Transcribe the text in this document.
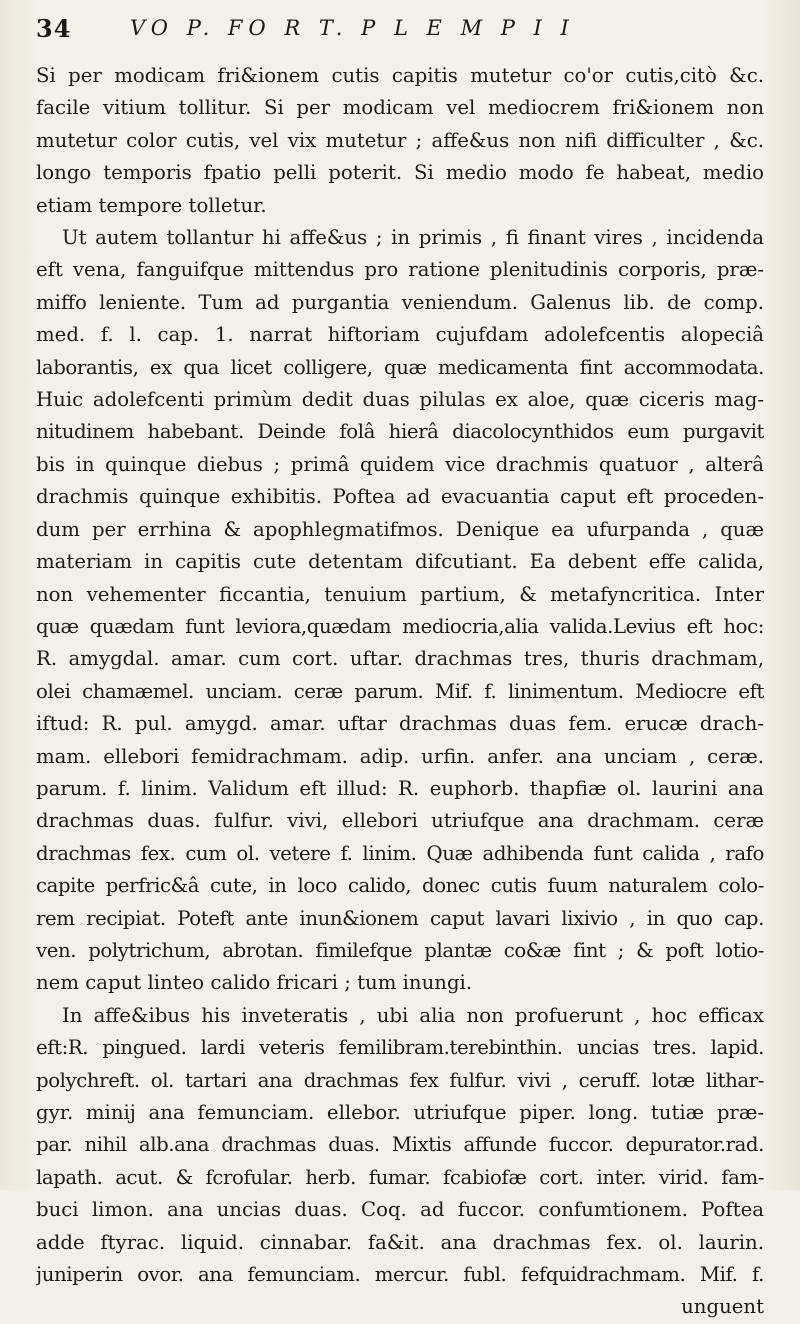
34	VO P. FO R T. P L E M P I I
Si per modicam fri&ionem cutis capitis mutetur co'or cutis,citò &c.
facile vitium tollitur. Si per modicam vel mediocrem fri&ionem non
mutetur color cutis, vel vix mutetur ; affe&us non nifi difficulter , &c.
longo temporis fpatio pelli poterit. Si medio modo fe habeat, medio
etiam tempore tolletur.
Ut autem tollantur hi affe&us ; in primis , fi finant vires , incidenda
eft vena, fanguifque mittendus pro ratione plenitudinis corporis, præ-
miffo leniente. Tum ad purgantia veniendum. Galenus lib. de comp.
med. f. l. cap. 1. narrat hiftoriam cujufdam adolefcentis alopeciâ
laborantis, ex qua licet colligere, quæ medicamenta fint accommodata.
Huic adolefcenti primùm dedit duas pilulas ex aloe, quæ ciceris mag-
nitudinem habebant. Deinde folâ hierâ diacolocynthidos eum purgavit
bis in quinque diebus ; primâ quidem vice drachmis quatuor , alterâ
drachmis quinque exhibitis. Poftea ad evacuantia caput eft proceden-
dum per errhina & apophlegmatifmos. Denique ea ufurpanda , quæ
materiam in capitis cute detentam difcutiant. Ea debent effe calida,
non vehementer ficcantia, tenuium partium, & metafyncritica. Inter
quæ quædam funt leviora,quædam mediocria,alia valida.Levius eft hoc:
R. amygdal. amar. cum cort. uftar. drachmas tres, thuris drachmam,
olei chamæmel. unciam. ceræ parum. Mif. f. linimentum. Mediocre eft
iftud: R. pul. amygd. amar. uftar drachmas duas fem. erucæ drach-
mam. ellebori femidrachmam. adip. urfin. anfer. ana unciam , ceræ.
parum. f. linim. Validum eft illud: R. euphorb. thapfiæ ol. laurini ana
drachmas duas. fulfur. vivi, ellebori utriufque ana drachmam. ceræ
drachmas fex. cum ol. vetere f. linim. Quæ adhibenda funt calida , rafo
capite perfric&â cute, in loco calido, donec cutis fuum naturalem colo-
rem recipiat. Poteft ante inun&ionem caput lavari lixivio , in quo cap.
ven. polytrichum, abrotan. fimilefque plantæ co&æ fint ; & poft lotio-
nem caput linteo calido fricari ; tum inungi.
In affe&ibus his inveteratis , ubi alia non profuerunt , hoc efficax
eft:R. pingued. lardi veteris femilibram.terebinthin. uncias tres. lapid.
polychreft. ol. tartari ana drachmas fex fulfur. vivi , ceruff. lotæ lithar-
gyr. minij ana femunciam. ellebor. utriufque piper. long. tutiæ præ-
par. nihil alb.ana drachmas duas. Mixtis affunde fuccor. depurator.rad.
lapath. acut. & fcrofular. herb. fumar. fcabiofæ cort. inter. virid. fam-
buci limon. ana uncias duas. Coq. ad fuccor. confumtionem. Poftea
adde ftyrac. liquid. cinnabar. fa&it. ana drachmas fex. ol. laurin.
juniperin ovor. ana femunciam. mercur. fubl. fefquidrachmam. Mif. f.
unguent
